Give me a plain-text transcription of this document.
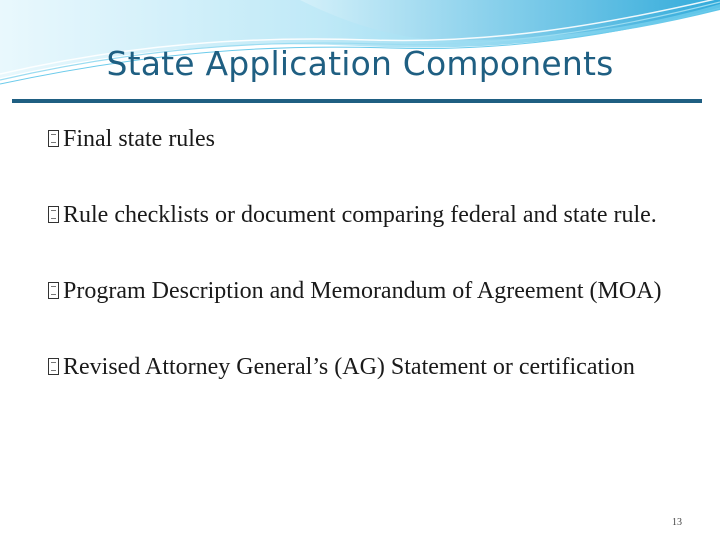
State Application Components
Final state rules
Rule checklists or document comparing federal and state rule.
Program Description and Memorandum of Agreement (MOA)
Revised Attorney General’s (AG) Statement or certification
13
